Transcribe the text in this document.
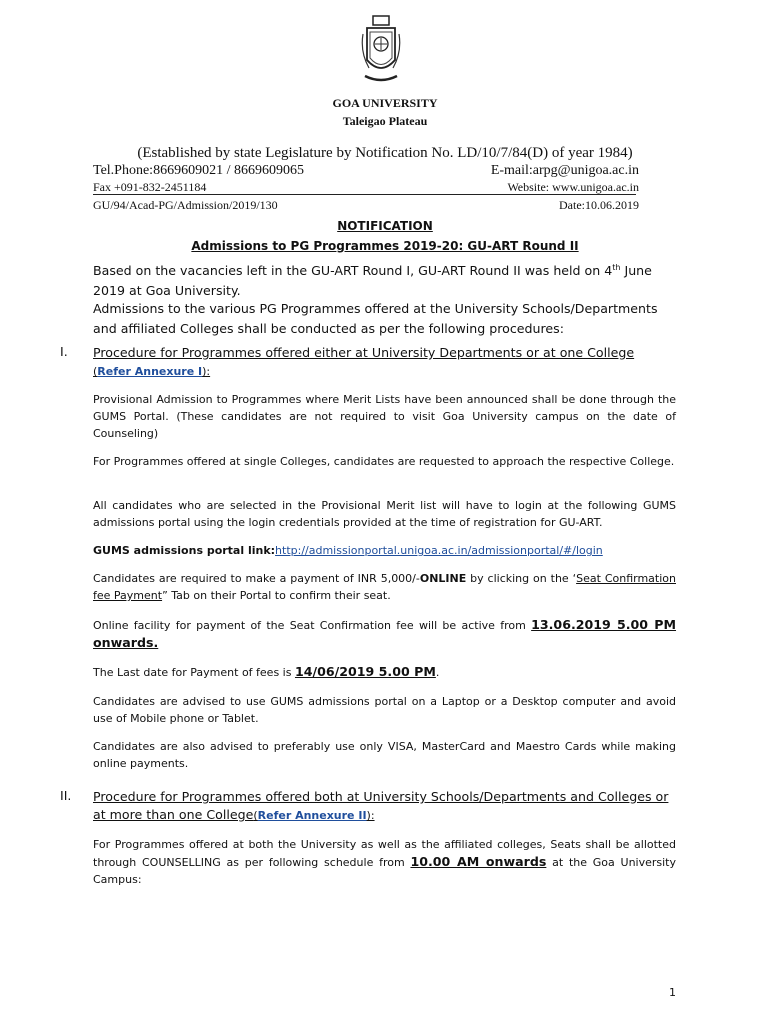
GOA UNIVERSITY

Taleigao Plateau

(Established by state Legislature by Notification No. LD/10/7/84(D) of year 1984)

Tel.Phone:8669609021 / 8669609065	E-mail:arpg@unigoa.ac.in
Fax +091-832-2451184	Website: www.unigoa.ac.in
GU/94/Acad-PG/Admission/2019/130	Date:10.06.2019

NOTIFICATION

Admissions to PG Programmes 2019-20: GU-ART Round II

Based on the vacancies left in the GU-ART Round I, GU-ART Round II was held on 4th June
2019 at Goa University.

Admissions to the various PG Programmes offered at the University Schools/Departments and affiliated Colleges shall be conducted as per the following procedures:

I. Procedure for Programmes offered either at University Departments or at one College (Refer Annexure I):

Provisional Admission to Programmes where Merit Lists have been announced shall be done through the GUMS Portal. (These candidates are not required to visit Goa University campus on the date of Counseling)

For Programmes offered at single Colleges, candidates are requested to approach the respective College.

All candidates who are selected in the Provisional Merit list will have to login at the following GUMS admissions portal using the login credentials provided at the time of registration for GU-ART.

GUMS admissions portal link:http://admissionportal.unigoa.ac.in/admissionportal/#/login

Candidates are required to make a payment of INR 5,000/-ONLINE by clicking on the ‘Seat Confirmation fee Payment” Tab on their Portal to confirm their seat.

Online facility for payment of the Seat Confirmation fee will be active from 13.06.2019 5.00 PM onwards.

The Last date for Payment of fees is 14/06/2019 5.00 PM.

Candidates are advised to use GUMS admissions portal on a Laptop or a Desktop computer and avoid use of Mobile phone or Tablet.

Candidates are also advised to preferably use only VISA, MasterCard and Maestro Cards while making online payments.

II. Procedure for Programmes offered both at University Schools/Departments and Colleges or at more than one College(Refer Annexure II):

For Programmes offered at both the University as well as the affiliated colleges, Seats shall be allotted through COUNSELLING as per following schedule from 10.00 AM onwards at the Goa University Campus:

1
